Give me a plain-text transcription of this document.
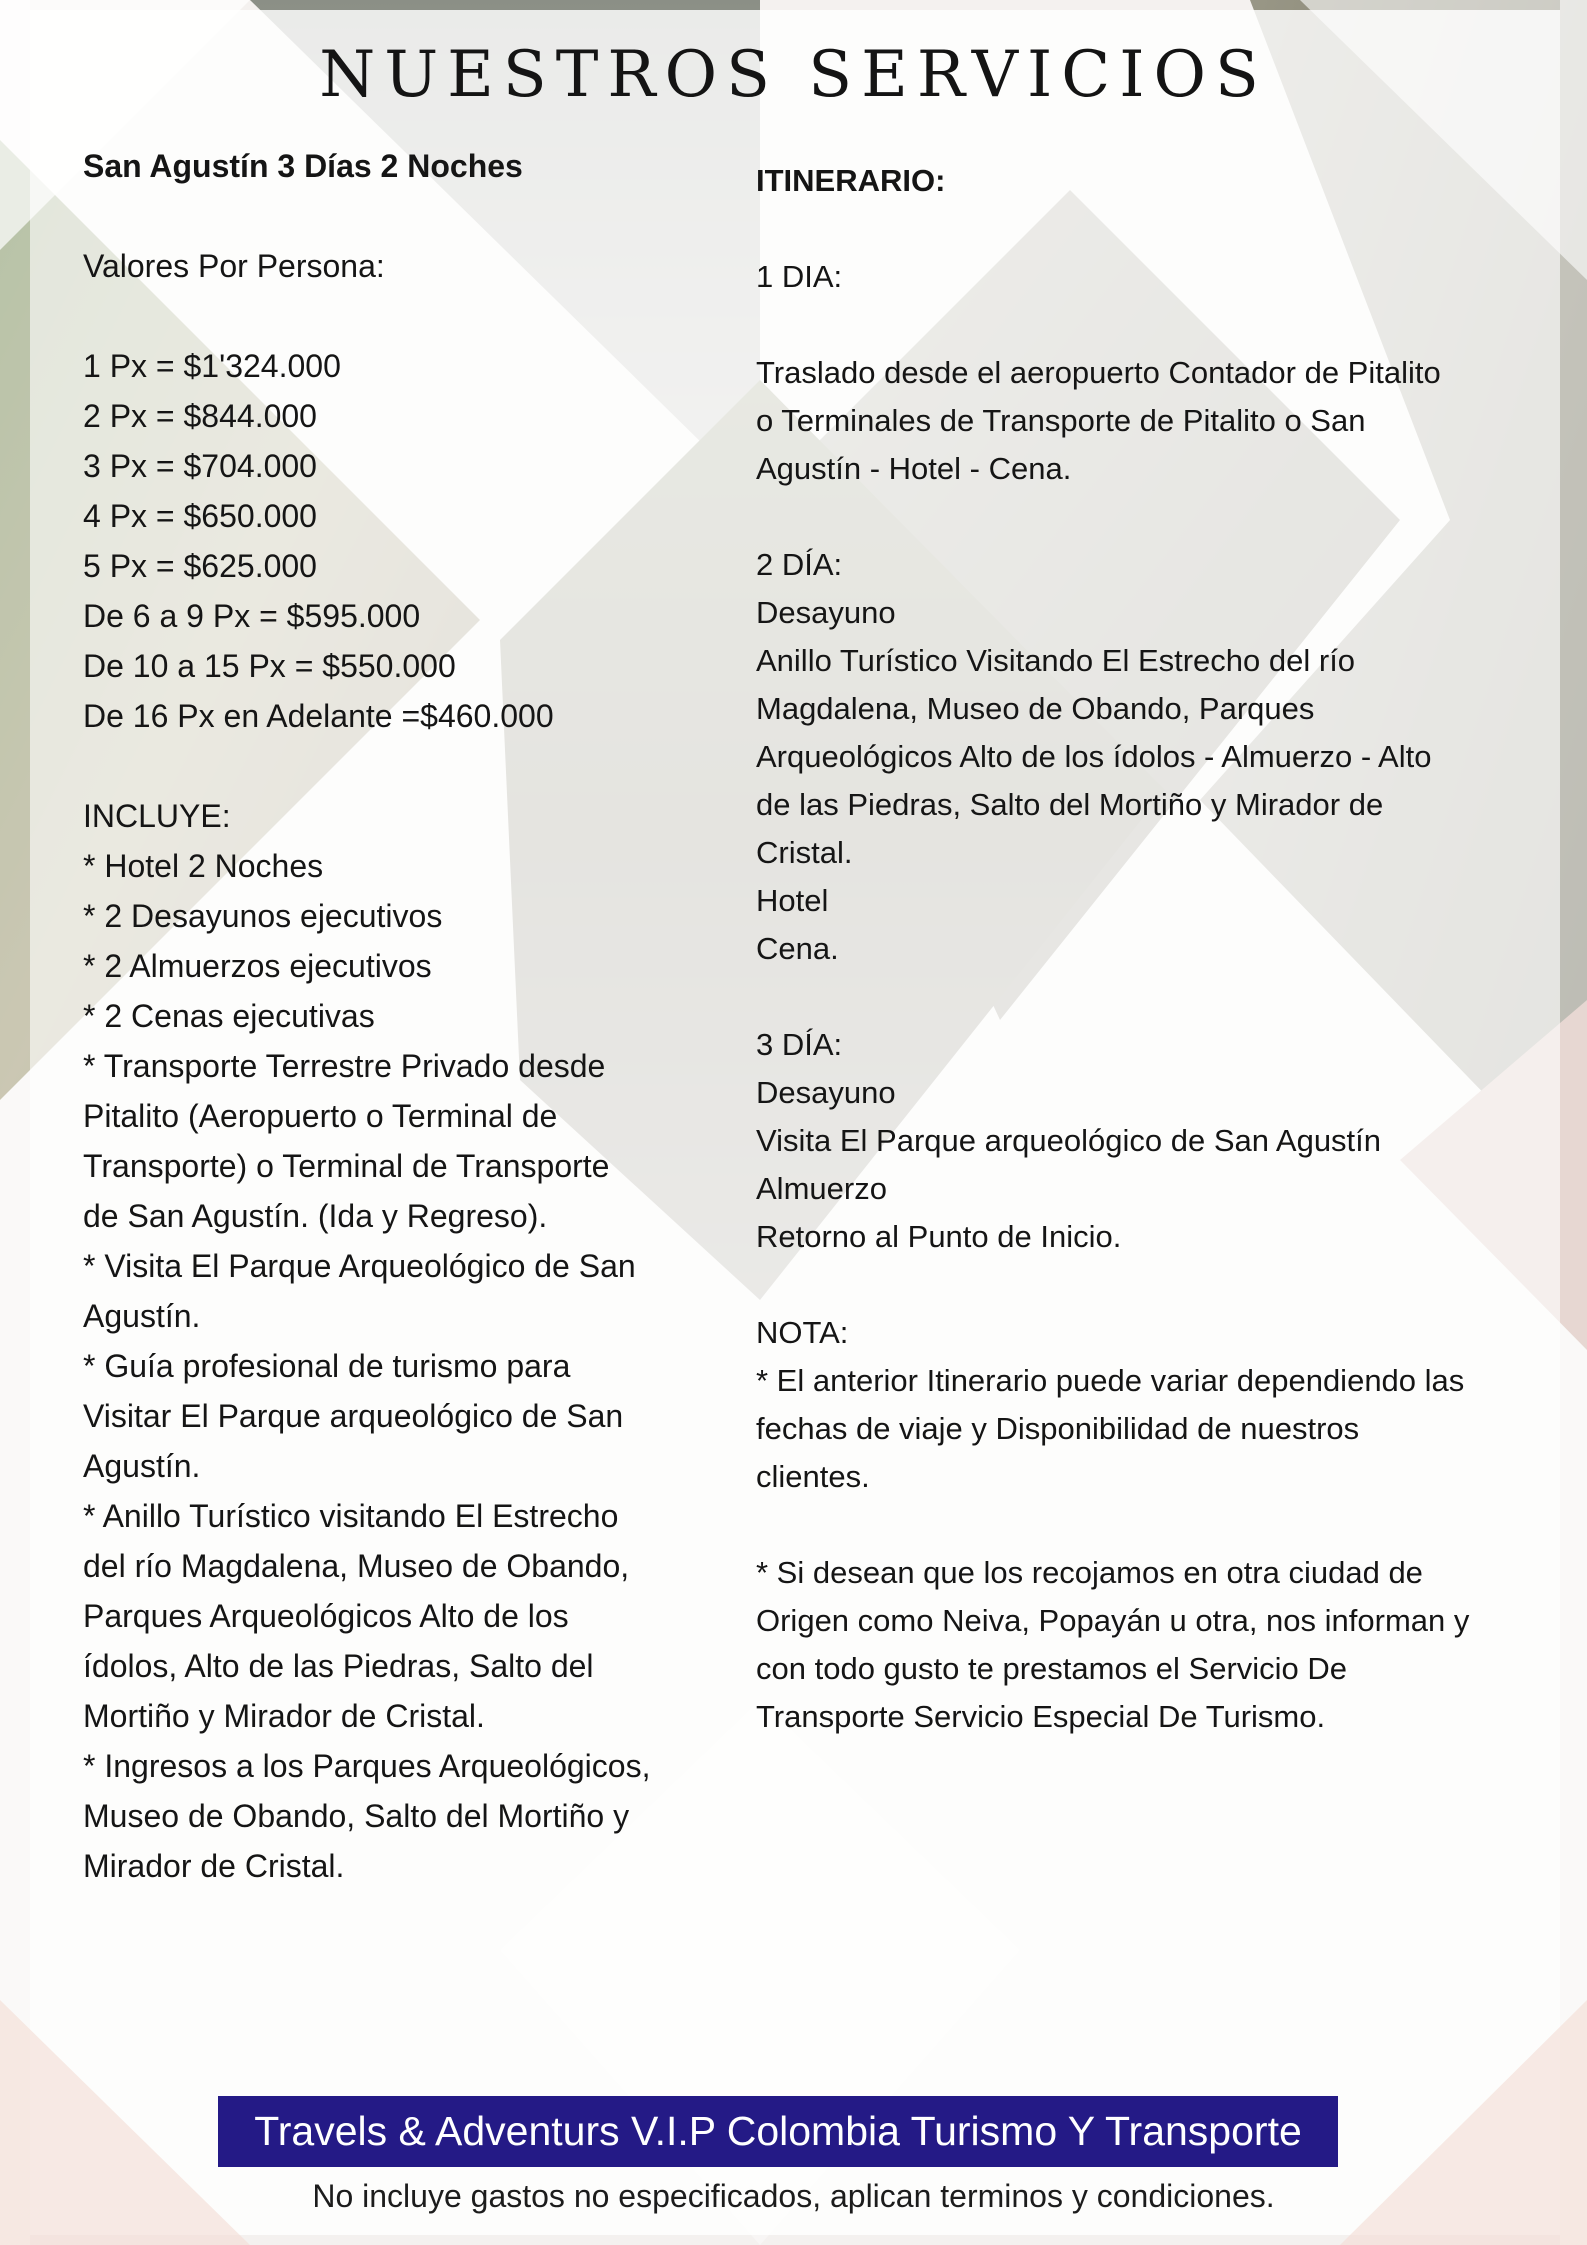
NUESTROS SERVICIOS
San Agustín 3 Días 2 Noches
Valores Por Persona:
1 Px = $1'324.000
2 Px = $844.000
3 Px = $704.000
4 Px = $650.000
5 Px = $625.000
De 6 a 9 Px = $595.000
De 10 a 15 Px = $550.000
De 16 Px en Adelante =$460.000
INCLUYE:
* Hotel 2 Noches
* 2 Desayunos ejecutivos
* 2 Almuerzos ejecutivos
* 2 Cenas ejecutivas
* Transporte Terrestre Privado desde
Pitalito (Aeropuerto o Terminal de
Transporte) o Terminal de Transporte
de San Agustín. (Ida y Regreso).
* Visita El Parque Arqueológico de San
Agustín.
* Guía profesional de turismo para
Visitar El Parque arqueológico de San
Agustín.
* Anillo Turístico visitando El Estrecho
del río Magdalena, Museo de Obando,
Parques Arqueológicos Alto de los
ídolos, Alto de las Piedras, Salto del
Mortiño y Mirador de Cristal.
* Ingresos a los Parques Arqueológicos,
Museo de Obando, Salto del Mortiño y
Mirador de Cristal.
ITINERARIO:
1 DIA:
Traslado desde el aeropuerto Contador de Pitalito
o Terminales de Transporte de Pitalito o San
Agustín - Hotel - Cena.
2 DÍA:
Desayuno
Anillo Turístico Visitando El Estrecho del río
Magdalena, Museo de Obando, Parques
Arqueológicos Alto de los ídolos - Almuerzo - Alto
de las Piedras, Salto del Mortiño y Mirador de
Cristal.
Hotel
Cena.
3 DÍA:
Desayuno
Visita El Parque arqueológico de San Agustín
Almuerzo
Retorno al Punto de Inicio.
NOTA:
* El anterior Itinerario puede variar dependiendo las
fechas de viaje y Disponibilidad de nuestros
clientes.
* Si desean que los recojamos en otra ciudad de
Origen como Neiva, Popayán u otra, nos informan y
con todo gusto te prestamos el Servicio De
Transporte Servicio Especial De Turismo.
Travels & Adventurs V.I.P Colombia Turismo Y Transporte
No incluye gastos no especificados, aplican terminos y condiciones.
